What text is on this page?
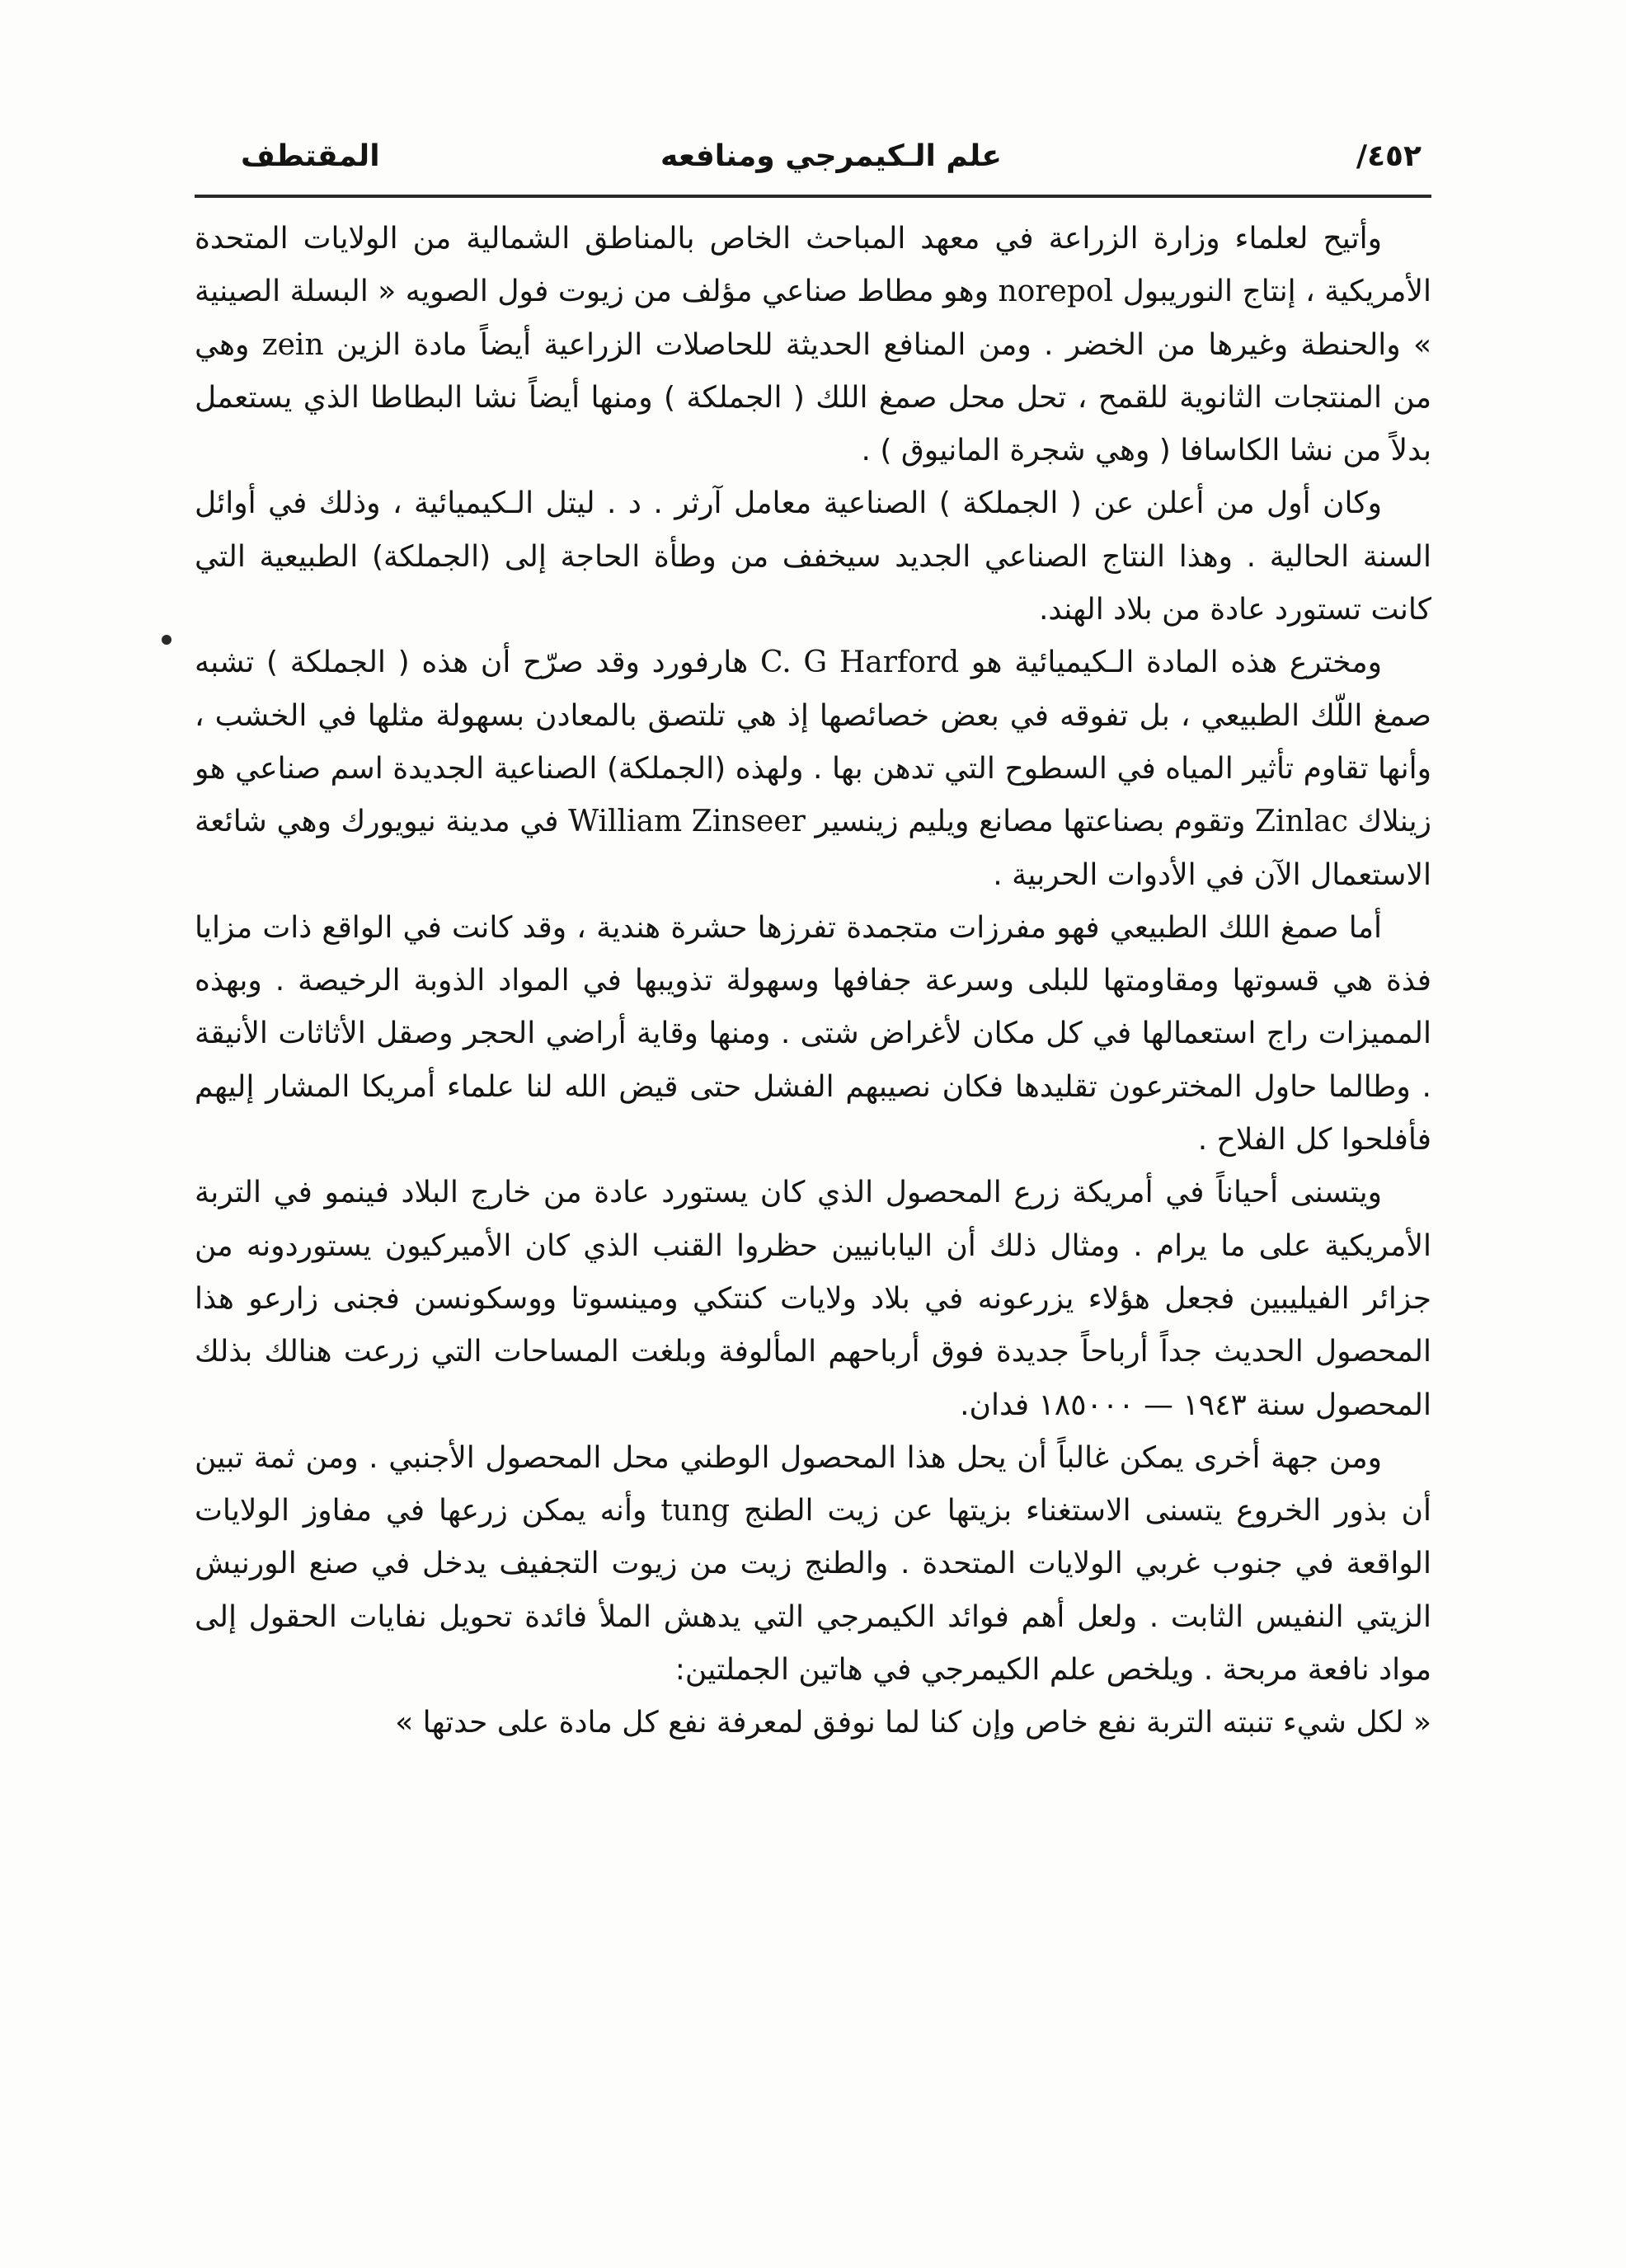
٤٥٢/
علم الـكيمرجي ومنافعه
المقتطف

وأتيح لعلماء وزارة الزراعة في معهد المباحث الخاص بالمناطق الشمالية من الولايات المتحدة الأمريكية ، إنتاج النوريبول norepol وهو مطاط صناعي مؤلف من زيوت فول الصويه « البسلة الصينية » والحنطة وغيرها من الخضر . ومن المنافع الحديثة للحاصلات الزراعية أيضاً مادة الزين zein وهي من المنتجات الثانوية للقمح ، تحل محل صمغ اللك ( الجملكة ) ومنها أيضاً نشا البطاطا الذي يستعمل بدلاً من نشا الكاسافا ( وهي شجرة المانيوق ) .

وكان أول من أعلن عن ( الجملكة ) الصناعية معامل آرثر . د . ليتل الـكيميائية ، وذلك في أوائل السنة الحالية . وهذا النتاج الصناعي الجديد سيخفف من وطأة الحاجة إلى (الجملكة) الطبيعية التي كانت تستورد عادة من بلاد الهند.

ومخترع هذه المادة الـكيميائية هو C. G Harford هارفورد وقد صرّح أن هذه ( الجملكة ) تشبه صمغ اللّك الطبيعي ، بل تفوقه في بعض خصائصها إذ هي تلتصق بالمعادن بسهولة مثلها في الخشب ، وأنها تقاوم تأثير المياه في السطوح التي تدهن بها . ولهذه (الجملكة) الصناعية الجديدة اسم صناعي هو زينلاك Zinlac وتقوم بصناعتها مصانع ويليم زينسير William Zinseer في مدينة نيويورك وهي شائعة الاستعمال الآن في الأدوات الحربية .

أما صمغ اللك الطبيعي فهو مفرزات متجمدة تفرزها حشرة هندية ، وقد كانت في الواقع ذات مزايا فذة هي قسوتها ومقاومتها للبلى وسرعة جفافها وسهولة تذويبها في المواد الذوبة الرخيصة . وبهذه المميزات راج استعمالها في كل مكان لأغراض شتى . ومنها وقاية أراضي الحجر وصقل الأثاثات الأنيقة . وطالما حاول المخترعون تقليدها فكان نصيبهم الفشل حتى قيض الله لنا علماء أمريكا المشار إليهم فأفلحوا كل الفلاح .

ويتسنى أحياناً في أمريكة زرع المحصول الذي كان يستورد عادة من خارج البلاد فينمو في التربة الأمريكية على ما يرام . ومثال ذلك أن اليابانيين حظروا القنب الذي كان الأميركيون يستوردونه من جزائر الفيليبين فجعل هؤلاء يزرعونه في بلاد ولايات كنتكي ومينسوتا ووسكونسن فجنى زارعو هذا المحصول الحديث جداً أرباحاً جديدة فوق أرباحهم المألوفة وبلغت المساحات التي زرعت هنالك بذلك المحصول سنة ١٩٤٣ — ١٨٥٠٠٠ فدان.

ومن جهة أخرى يمكن غالباً أن يحل هذا المحصول الوطني محل المحصول الأجنبي . ومن ثمة تبين أن بذور الخروع يتسنى الاستغناء بزيتها عن زيت الطنج tung وأنه يمكن زرعها في مفاوز الولايات الواقعة في جنوب غربي الولايات المتحدة . والطنج زيت من زيوت التجفيف يدخل في صنع الورنيش الزيتي النفيس الثابت . ولعل أهم فوائد الكيمرجي التي يدهش الملأ فائدة تحويل نفايات الحقول إلى مواد نافعة مربحة . ويلخص علم الكيمرجي في هاتين الجملتين:

« لكل شيء تنبته التربة نفع خاص وإن كنا لما نوفق لمعرفة نفع كل مادة على حدتها »
